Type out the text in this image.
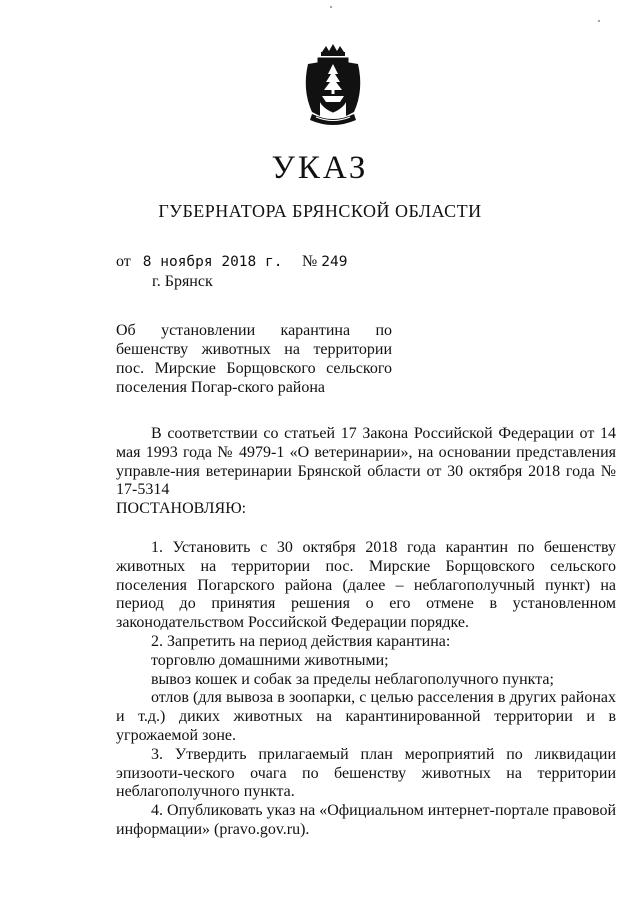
УКАЗ
ГУБЕРНАТОРА БРЯНСКОЙ ОБЛАСТИ
от 8 ноября 2018 г. № 249
г. Брянск
Об установлении карантина по бешенству животных на территории пос. Мирские Борщовского сельского поселения Погар-ского района

В соответствии со статьей 17 Закона Российской Федерации от 14 мая 1993 года № 4979-1 «О ветеринарии», на основании представления управле-ния ветеринарии Брянской области от 30 октября 2018 года № 17-5314

ПОСТАНОВЛЯЮ:

1. Установить с 30 октября 2018 года карантин по бешенству животных на территории пос. Мирские Борщовского сельского поселения Погарского района (далее – неблагополучный пункт) на период до принятия решения о его отмене в установленном законодательством Российской Федерации порядке.

2. Запретить на период действия карантина:

торговлю домашними животными;

вывоз кошек и собак за пределы неблагополучного пункта;

отлов (для вывоза в зоопарки, с целью расселения в других районах и т.д.) диких животных на карантинированной территории и в угрожаемой зоне.

3. Утвердить прилагаемый план мероприятий по ликвидации эпизооти-ческого очага по бешенству животных на территории неблагополучного пункта.

4. Опубликовать указ на «Официальном интернет-портале правовой информации» (pravo.gov.ru).
